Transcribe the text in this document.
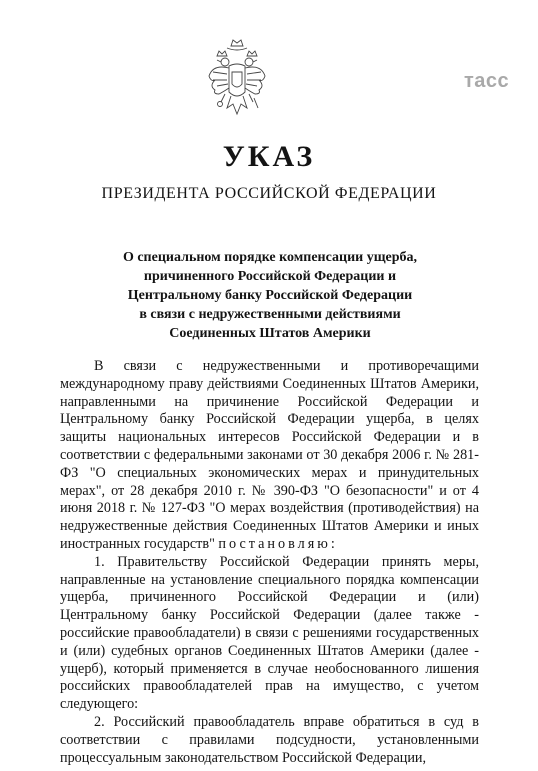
тасс
УКАЗ
ПРЕЗИДЕНТА РОССИЙСКОЙ ФЕДЕРАЦИИ
О специальном порядке компенсации ущерба,
причиненного Российской Федерации и
Центральному банку Российской Федерации
в связи с недружественными действиями
Соединенных Штатов Америки

В связи с недружественными и противоречащими международному праву действиями Соединенных Штатов Америки, направленными на причинение Российской Федерации и Центральному банку Российской Федерации ущерба, в целях защиты национальных интересов Российской Федерации и в соответствии с федеральными законами от 30 декабря 2006 г. № 281-ФЗ "О специальных экономических мерах и принудительных мерах", от 28 декабря 2010 г. № 390-ФЗ "О безопасности" и от 4 июня 2018 г. № 127-ФЗ "О мерах воздействия (противодействия) на недружественные действия Соединенных Штатов Америки и иных иностранных государств" постановляю:

1. Правительству Российской Федерации принять меры, направленные на установление специального порядка компенсации ущерба, причиненного Российской Федерации и (или) Центральному банку Российской Федерации (далее также - российские правообладатели) в связи с решениями государственных и (или) судебных органов Соединенных Штатов Америки (далее - ущерб), который применяется в случае необоснованного лишения российских правообладателей прав на имущество, с учетом следующего:

2. Российский правообладатель вправе обратиться в суд в соответствии с правилами подсудности, установленными процессуальным законодательством Российской Федерации,
